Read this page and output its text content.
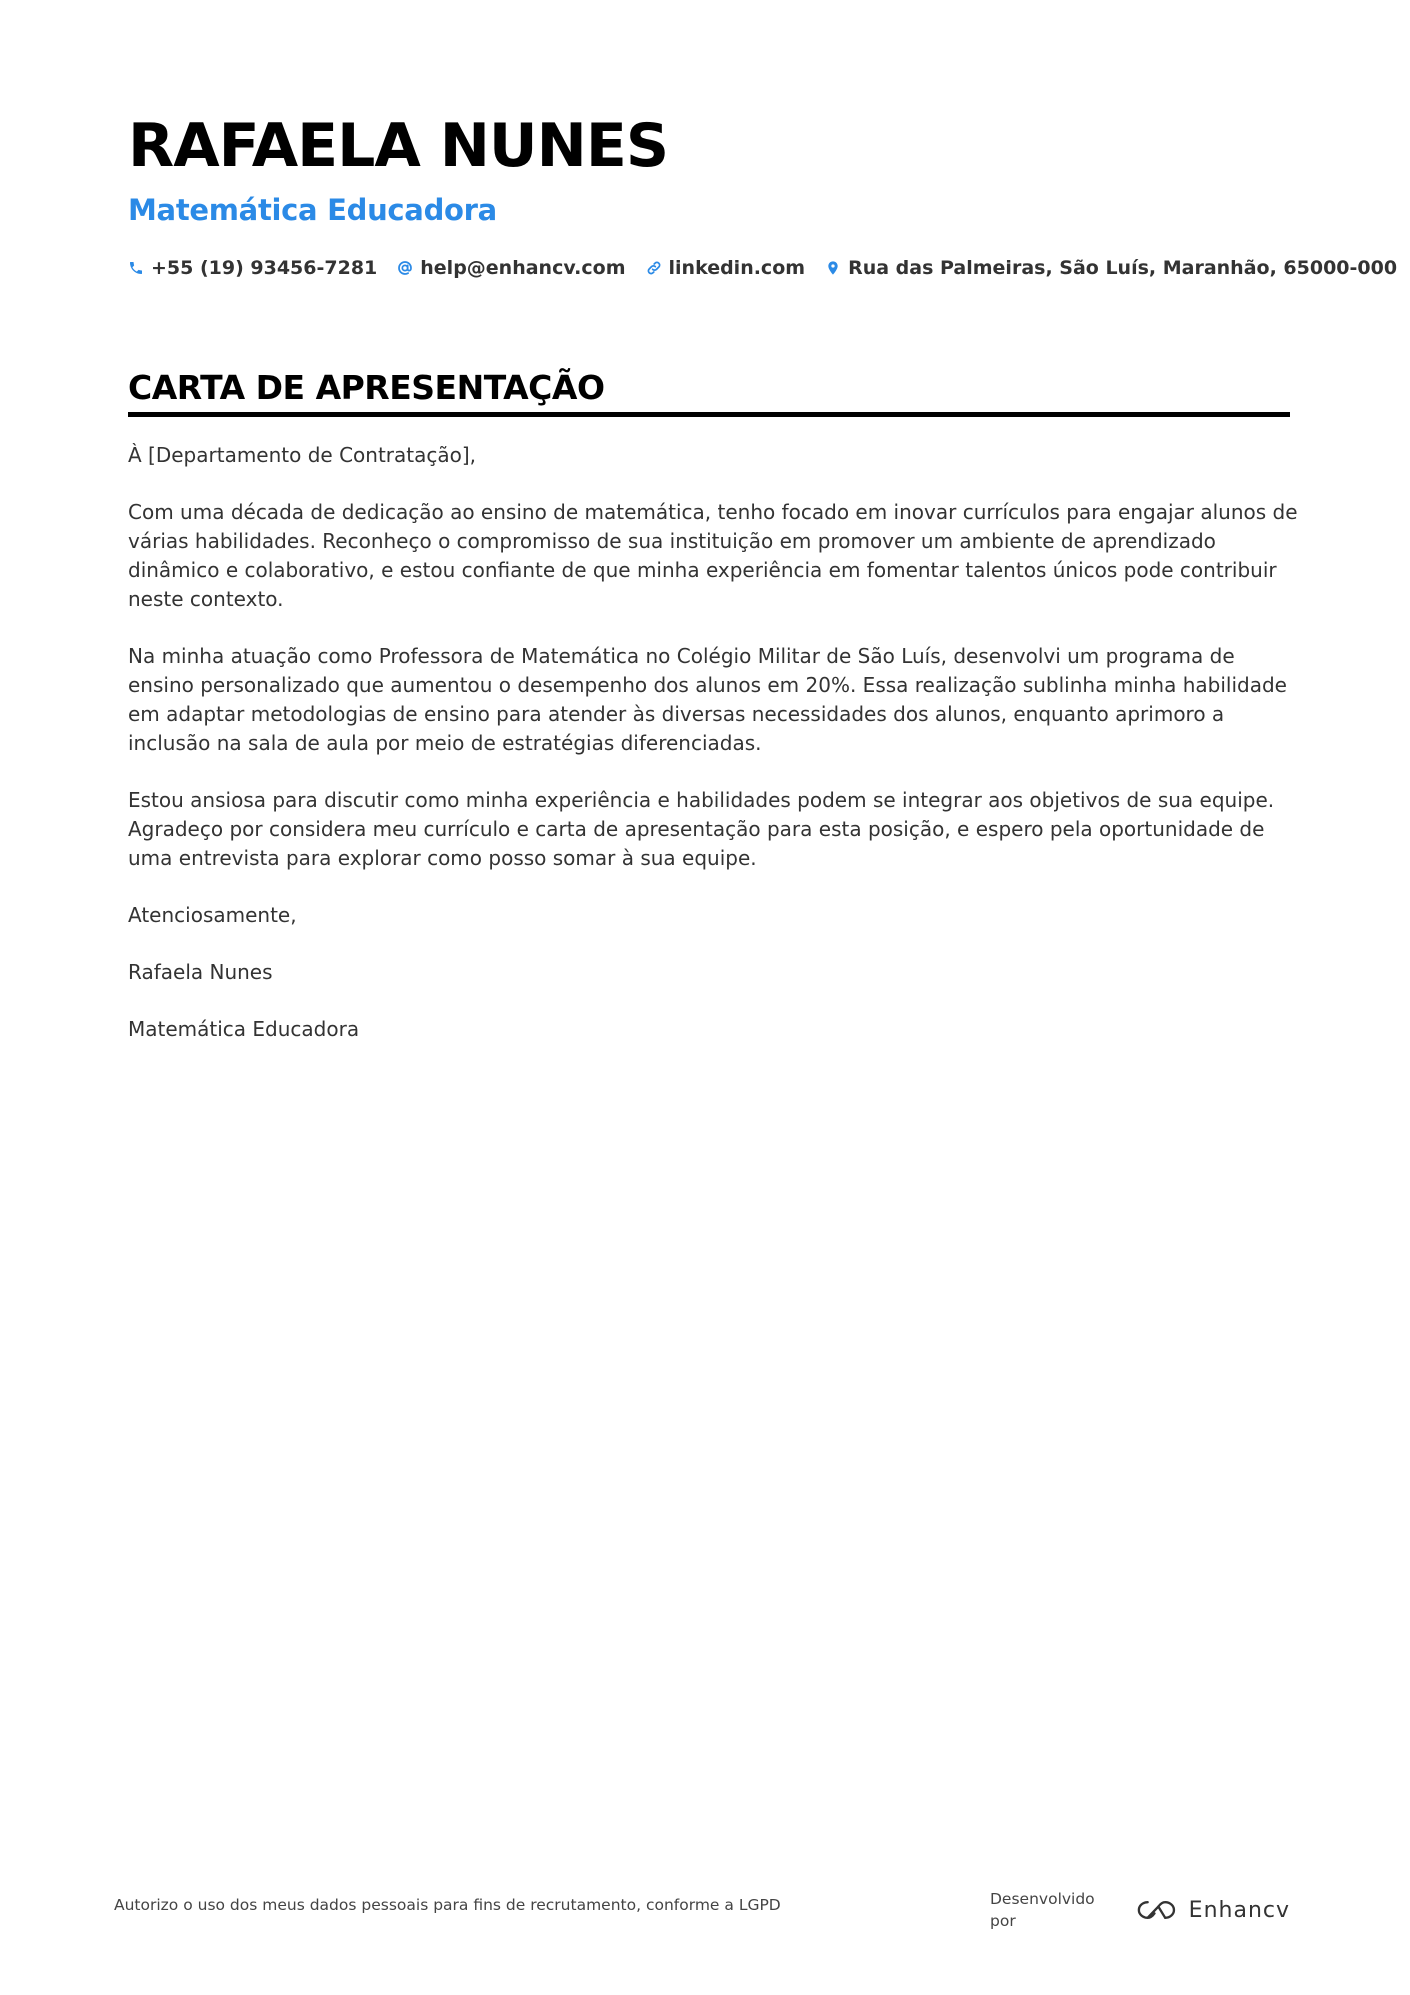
RAFAELA NUNES
Matemática Educadora
+55 (19) 93456-7281 help@enhancv.com linkedin.com Rua das Palmeiras, São Luís, Maranhão, 65000-000
CARTA DE APRESENTAÇÃO

À [Departamento de Contratação],

Com uma década de dedicação ao ensino de matemática, tenho focado em inovar currículos para engajar alunos de várias habilidades. Reconheço o compromisso de sua instituição em promover um ambiente de aprendizado dinâmico e colaborativo, e estou confiante de que minha experiência em fomentar talentos únicos pode contribuir neste contexto.

Na minha atuação como Professora de Matemática no Colégio Militar de São Luís, desenvolvi um programa de ensino personalizado que aumentou o desempenho dos alunos em 20%. Essa realização sublinha minha habilidade em adaptar metodologias de ensino para atender às diversas necessidades dos alunos, enquanto aprimoro a inclusão na sala de aula por meio de estratégias diferenciadas.

Estou ansiosa para discutir como minha experiência e habilidades podem se integrar aos objetivos de sua equipe. Agradeço por considera meu currículo e carta de apresentação para esta posição, e espero pela oportunidade de uma entrevista para explorar como posso somar à sua equipe.

Atenciosamente,

Rafaela Nunes

Matemática Educadora

Autorizo o uso dos meus dados pessoais para fins de recrutamento, conforme a LGPD	Desenvolvido por	Enhancv
